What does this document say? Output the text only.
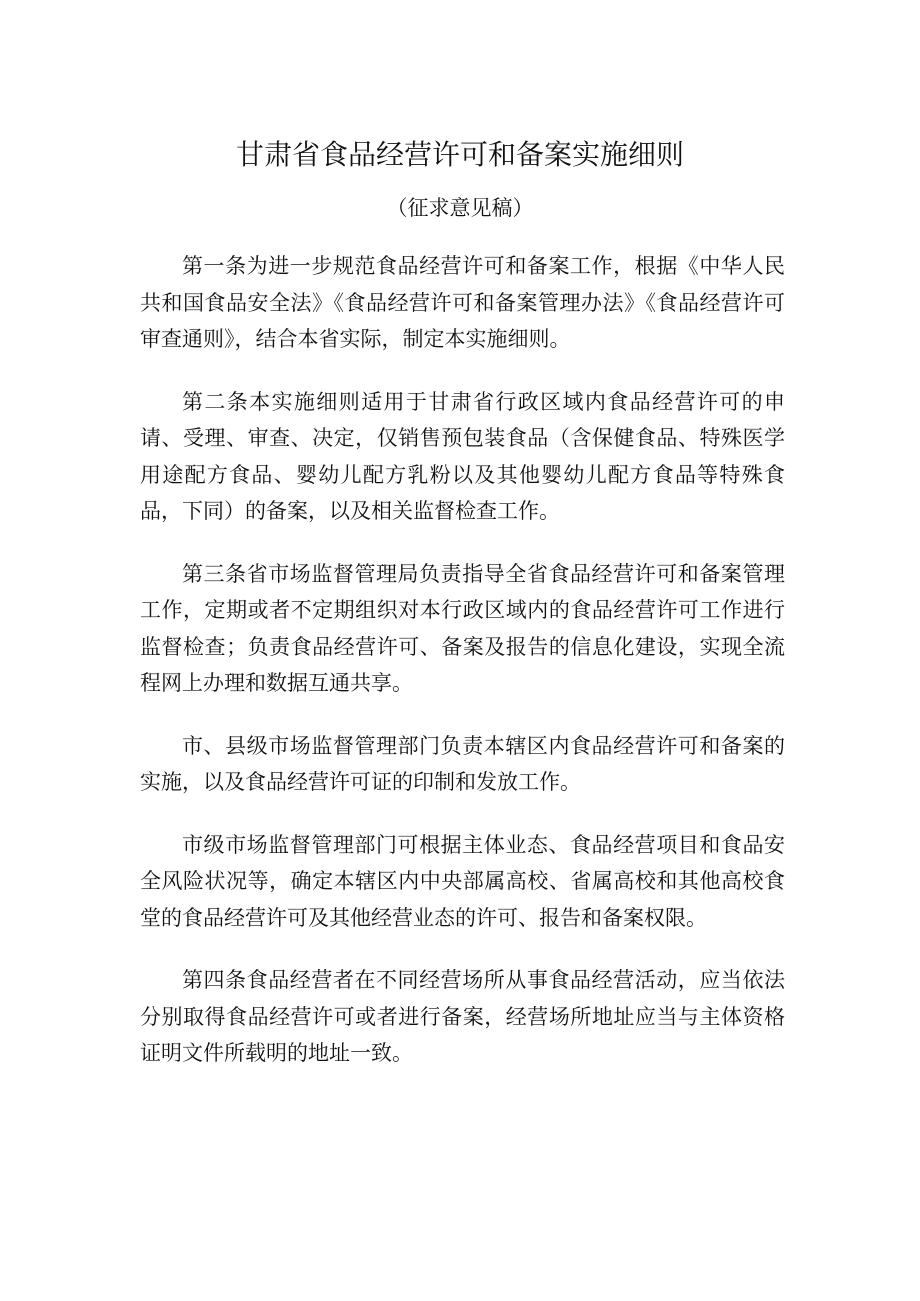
甘肃省食品经营许可和备案实施细则
（征求意见稿）

第一条为进一步规范食品经营许可和备案工作，根据《中华人民共和国食品安全法》《食品经营许可和备案管理办法》《食品经营许可审查通则》，结合本省实际，制定本实施细则。

第二条本实施细则适用于甘肃省行政区域内食品经营许可的申请、受理、审查、决定，仅销售预包装食品（含保健食品、特殊医学用途配方食品、婴幼儿配方乳粉以及其他婴幼儿配方食品等特殊食品，下同）的备案，以及相关监督检查工作。

第三条省市场监督管理局负责指导全省食品经营许可和备案管理工作，定期或者不定期组织对本行政区域内的食品经营许可工作进行监督检查；负责食品经营许可、备案及报告的信息化建设，实现全流程网上办理和数据互通共享。

市、县级市场监督管理部门负责本辖区内食品经营许可和备案的实施，以及食品经营许可证的印制和发放工作。

市级市场监督管理部门可根据主体业态、食品经营项目和食品安全风险状况等，确定本辖区内中央部属高校、省属高校和其他高校食堂的食品经营许可及其他经营业态的许可、报告和备案权限。

第四条食品经营者在不同经营场所从事食品经营活动，应当依法分别取得食品经营许可或者进行备案，经营场所地址应当与主体资格证明文件所载明的地址一致。
